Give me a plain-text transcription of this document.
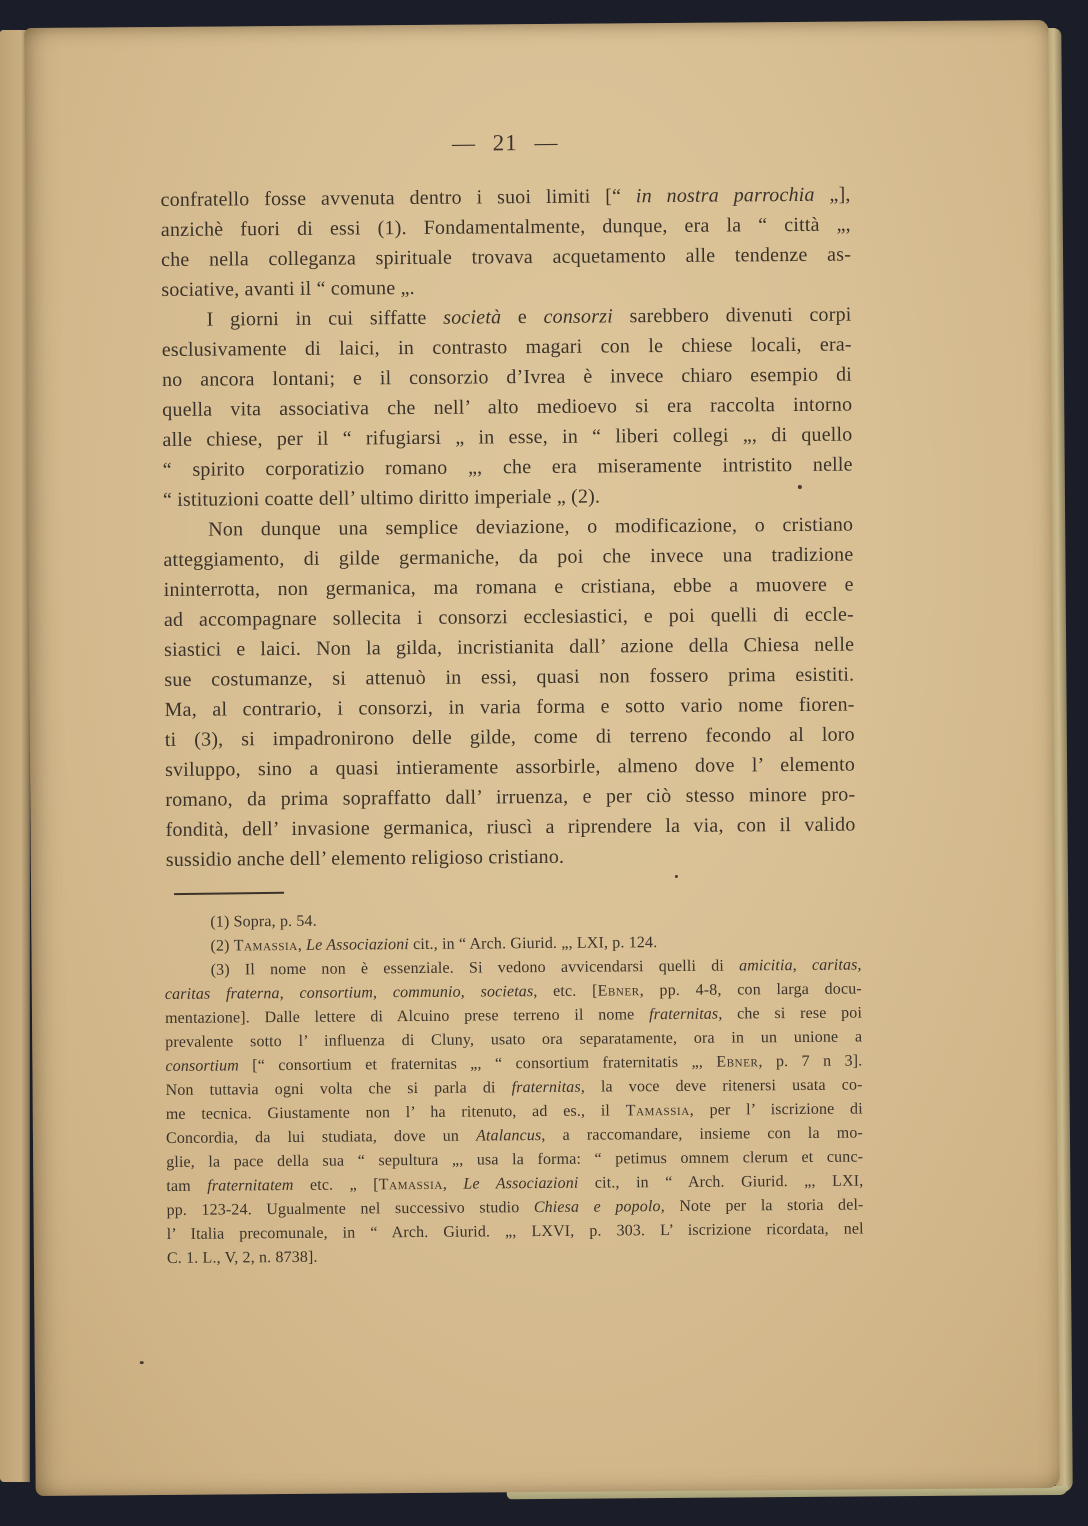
— 21 —
confratello fosse avvenuta dentro i suoi limiti [“ in nostra parrochia „],
anzichè fuori di essi (1). Fondamentalmente, dunque, era la “ città „,
che nella colleganza spirituale trovava acquetamento alle tendenze as-
sociative, avanti il “ comune „.
I giorni in cui siffatte società e consorzi sarebbero divenuti corpi
esclusivamente di laici, in contrasto magari con le chiese locali, era-
no ancora lontani; e il consorzio d’Ivrea è invece chiaro esempio di
quella vita associativa che nell’ alto medioevo si era raccolta intorno
alle chiese, per il “ rifugiarsi „ in esse, in “ liberi collegi „, di quello
“ spirito corporatizio romano „, che era miseramente intristito nelle
“ istituzioni coatte dell’ ultimo diritto imperiale „ (2).
Non dunque una semplice deviazione, o modificazione, o cristiano
atteggiamento, di gilde germaniche, da poi che invece una tradizione
ininterrotta, non germanica, ma romana e cristiana, ebbe a muovere e
ad accompagnare sollecita i consorzi ecclesiastici, e poi quelli di eccle-
siastici e laici. Non la gilda, incristianita dall’ azione della Chiesa nelle
sue costumanze, si attenuò in essi, quasi non fossero prima esistiti.
Ma, al contrario, i consorzi, in varia forma e sotto vario nome fioren-
ti (3), si impadronirono delle gilde, come di terreno fecondo al loro
sviluppo, sino a quasi intieramente assorbirle, almeno dove l’ elemento
romano, da prima sopraffatto dall’ irruenza, e per ciò stesso minore pro-
fondità, dell’ invasione germanica, riuscì a riprendere la via, con il valido
sussidio anche dell’ elemento religioso cristiano.
(1) Sopra, p. 54.
(2) Tamassia, Le Associazioni cit., in “ Arch. Giurid. „, LXI, p. 124.
(3) Il nome non è essenziale. Si vedono avvicendarsi quelli di amicitia, caritas,
caritas fraterna, consortium, communio, societas, etc. [Ebner, pp. 4-8, con larga docu-
mentazione]. Dalle lettere di Alcuino prese terreno il nome fraternitas, che si rese poi
prevalente sotto l’ influenza di Cluny, usato ora separatamente, ora in un unione a
consortium [“ consortium et fraternitas „, “ consortium fraternitatis „, Ebner, p. 7 n 3].
Non tuttavia ogni volta che si parla di fraternitas, la voce deve ritenersi usata co-
me tecnica. Giustamente non l’ ha ritenuto, ad es., il Tamassia, per l’ iscrizione di
Concordia, da lui studiata, dove un Atalancus, a raccomandare, insieme con la mo-
glie, la pace della sua “ sepultura „, usa la forma: “ petimus omnem clerum et cunc-
tam fraternitatem etc. „ [Tamassia, Le Associazioni cit., in “ Arch. Giurid. „, LXI,
pp. 123-24. Ugualmente nel successivo studio Chiesa e popolo, Note per la storia del-
l’ Italia precomunale, in “ Arch. Giurid. „, LXVI, p. 303. L’ iscrizione ricordata, nel
C. 1. L., V, 2, n. 8738].
